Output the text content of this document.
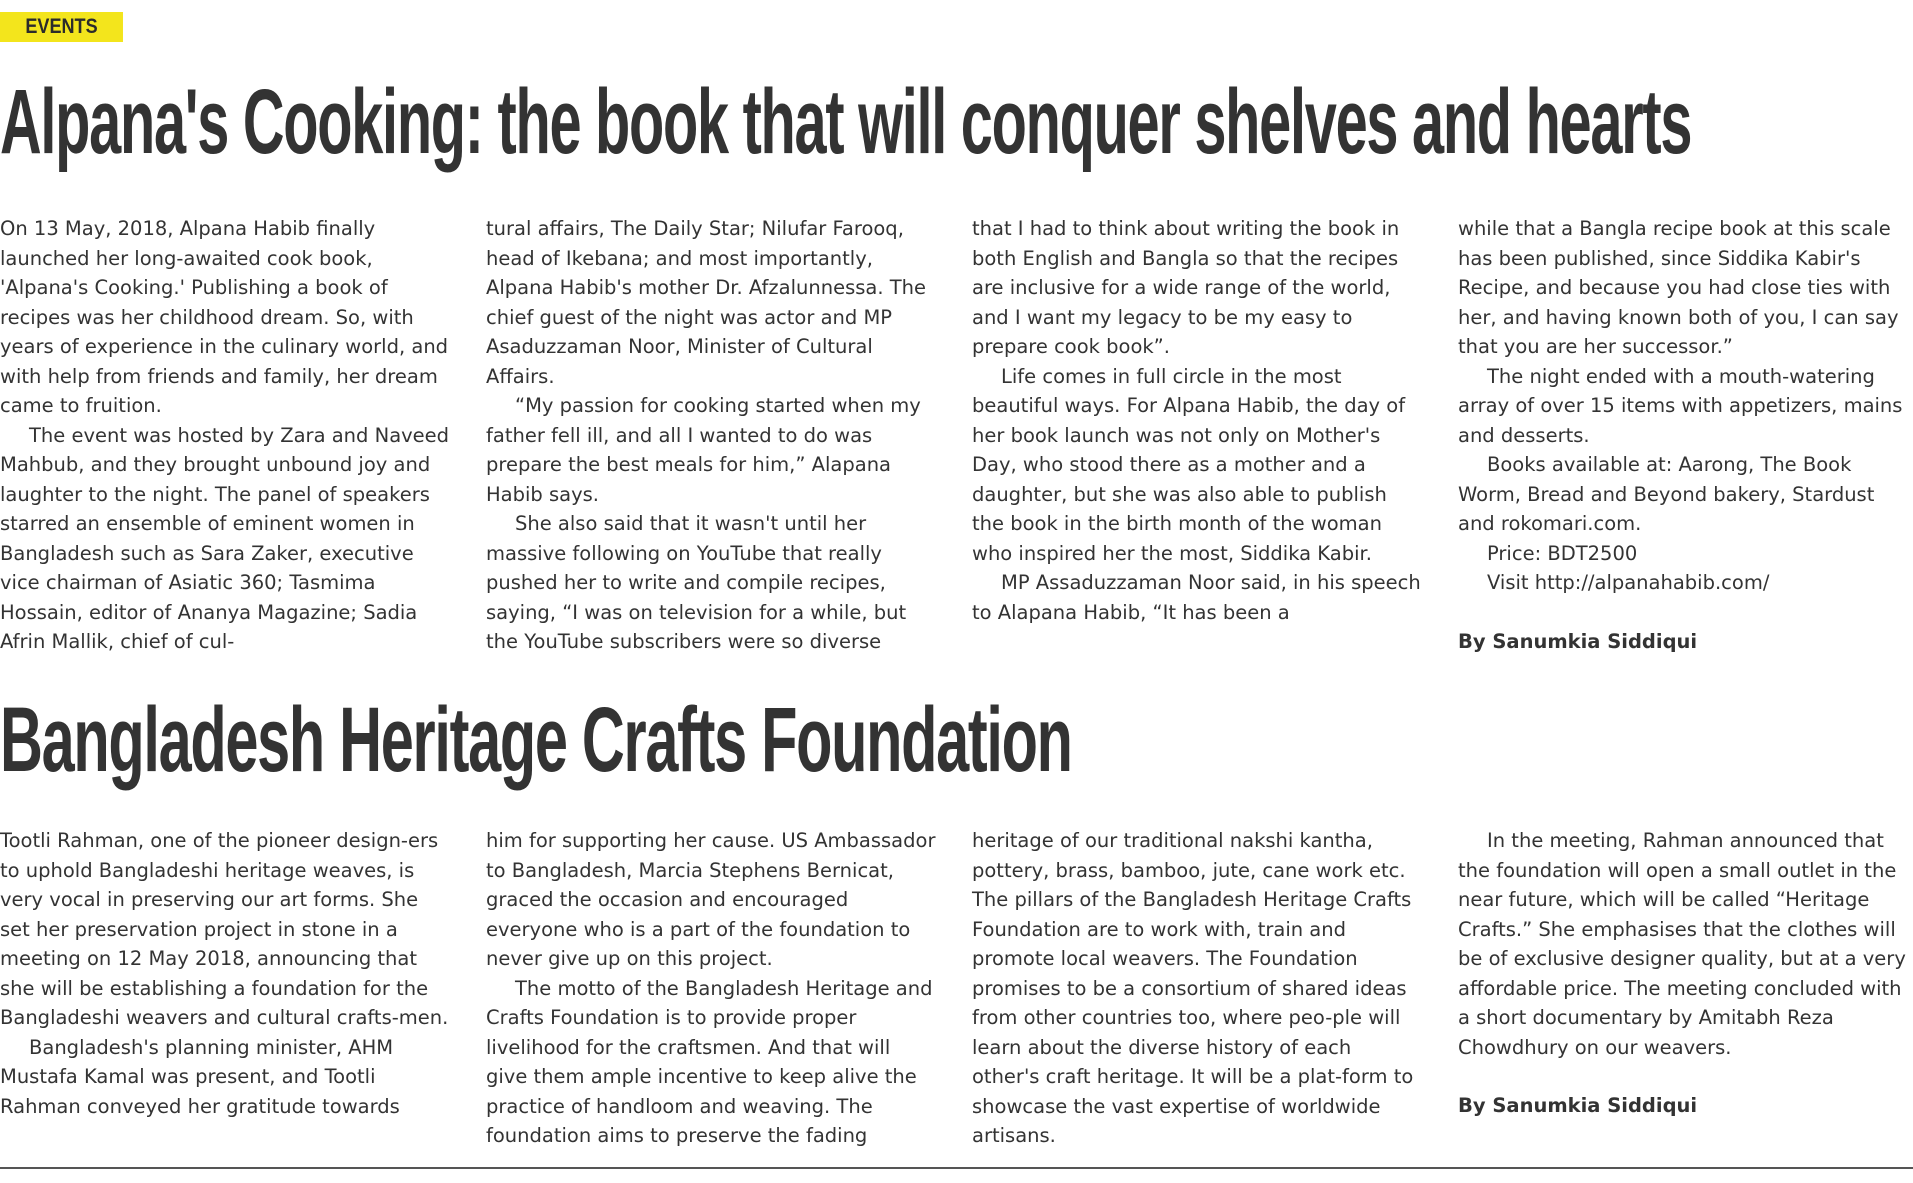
EVENTS
Alpana's Cooking: the book that will conquer shelves and hearts

On 13 May, 2018, Alpana Habib finally launched her long-awaited cook book, 'Alpana's Cooking.' Publishing a book of recipes was her childhood dream. So, with years of experience in the culinary world, and with help from friends and family, her dream came to fruition.

The event was hosted by Zara and Naveed Mahbub, and they brought unbound joy and laughter to the night. The panel of speakers starred an ensemble of eminent women in Bangladesh such as Sara Zaker, executive vice chairman of Asiatic 360; Tasmima Hossain, editor of Ananya Magazine; Sadia Afrin Mallik, chief of cul-

tural affairs, The Daily Star; Nilufar Farooq, head of Ikebana; and most importantly, Alpana Habib's mother Dr. Afzalunnessa. The chief guest of the night was actor and MP Asaduzzaman Noor, Minister of Cultural Affairs.

“My passion for cooking started when my father fell ill, and all I wanted to do was prepare the best meals for him,” Alapana Habib says.

She also said that it wasn't until her massive following on YouTube that really pushed her to write and compile recipes, saying, “I was on television for a while, but the YouTube subscribers were so diverse

that I had to think about writing the book in both English and Bangla so that the recipes are inclusive for a wide range of the world, and I want my legacy to be my easy to prepare cook book”.

Life comes in full circle in the most beautiful ways. For Alpana Habib, the day of her book launch was not only on Mother's Day, who stood there as a mother and a daughter, but she was also able to publish the book in the birth month of the woman who inspired her the most, Siddika Kabir.

MP Assaduzzaman Noor said, in his speech to Alapana Habib, “It has been a

while that a Bangla recipe book at this scale has been published, since Siddika Kabir's Recipe, and because you had close ties with her, and having known both of you, I can say that you are her successor.”

The night ended with a mouth-watering array of over 15 items with appetizers, mains and desserts.

Books available at: Aarong, The Book Worm, Bread and Beyond bakery, Stardust and rokomari.com.

Price: BDT2500

Visit http://alpanahabib.com/

By Sanumkia Siddiqui

Bangladesh Heritage Crafts Foundation

Tootli Rahman, one of the pioneer design-ers to uphold Bangladeshi heritage weaves, is very vocal in preserving our art forms. She set her preservation project in stone in a meeting on 12 May 2018, announcing that she will be establishing a foundation for the Bangladeshi weavers and cultural crafts-men.

Bangladesh's planning minister, AHM Mustafa Kamal was present, and Tootli Rahman conveyed her gratitude towards

him for supporting her cause. US Ambassador to Bangladesh, Marcia Stephens Bernicat, graced the occasion and encouraged everyone who is a part of the foundation to never give up on this project.

The motto of the Bangladesh Heritage and Crafts Foundation is to provide proper livelihood for the craftsmen. And that will give them ample incentive to keep alive the practice of handloom and weaving. The foundation aims to preserve the fading

heritage of our traditional nakshi kantha, pottery, brass, bamboo, jute, cane work etc. The pillars of the Bangladesh Heritage Crafts Foundation are to work with, train and promote local weavers. The Foundation promises to be a consortium of shared ideas from other countries too, where peo-ple will learn about the diverse history of each other's craft heritage. It will be a plat-form to showcase the vast expertise of worldwide artisans.

In the meeting, Rahman announced that the foundation will open a small outlet in the near future, which will be called “Heritage Crafts.” She emphasises that the clothes will be of exclusive designer quality, but at a very affordable price. The meeting concluded with a short documentary by Amitabh Reza Chowdhury on our weavers.

By Sanumkia Siddiqui
